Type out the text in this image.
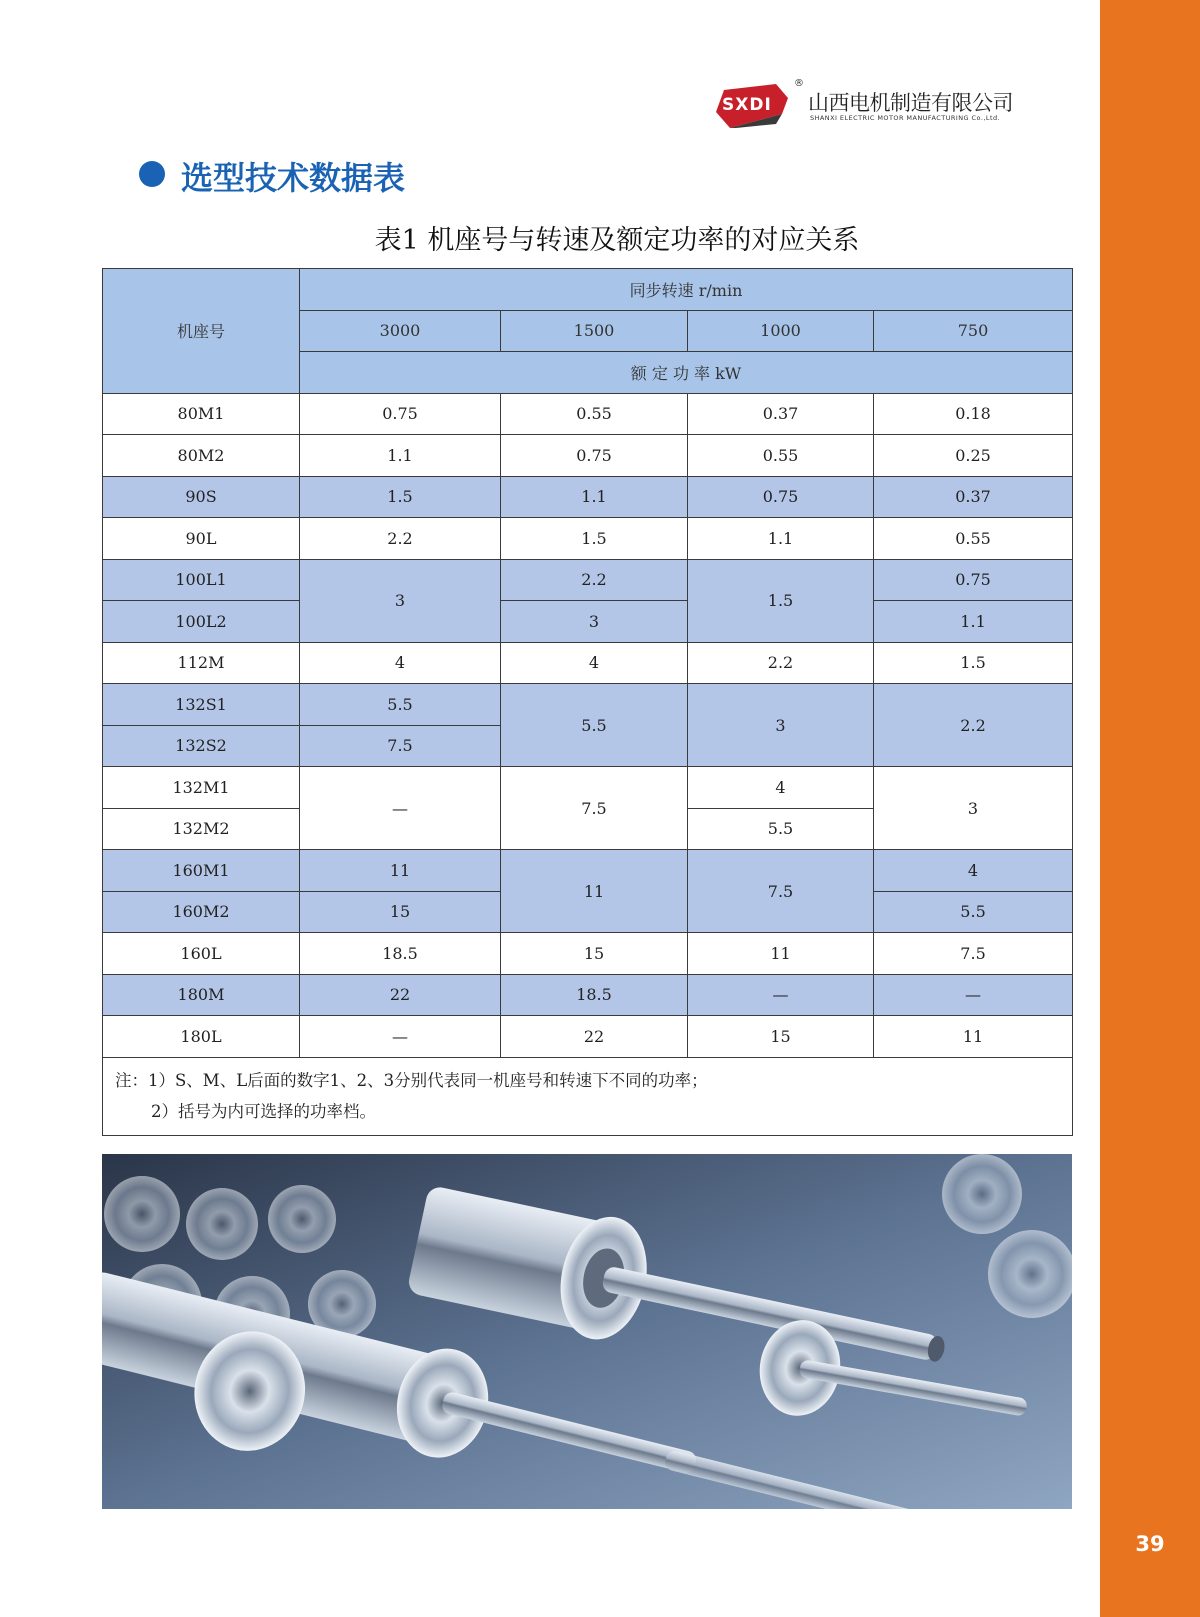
39
SXDI
®
山西电机制造有限公司
SHANXI ELECTRIC MOTOR MANUFACTURING Co.,Ltd.
选型技术数据表
表1 机座号与转速及额定功率的对应关系
机座号	同步转速 r/min			
	3000	1500	1000	750
	额 定 功 率 kW			
80M1	0.75	0.55	0.37	0.18
80M2	1.1	0.75	0.55	0.25
90S	1.5	1.1	0.75	0.37
90L	2.2	1.5	1.1	0.55
100L1	3	2.2	1.5	0.75
100L2		3		1.1
112M	4	4	2.2	1.5
132S1	5.5	5.5	3	2.2
132S2	7.5			
132M1	—	7.5	4	3
132M2			5.5	
160M1	11	11	7.5	4
160M2	15			5.5
160L	18.5	15	11	7.5
180M	22	18.5	—	—
180L	—	22	15	11
注：1）S、M、L后面的数字1、2、3分别代表同一机座号和转速下不同的功率；
2）括号为内可选择的功率档。				
